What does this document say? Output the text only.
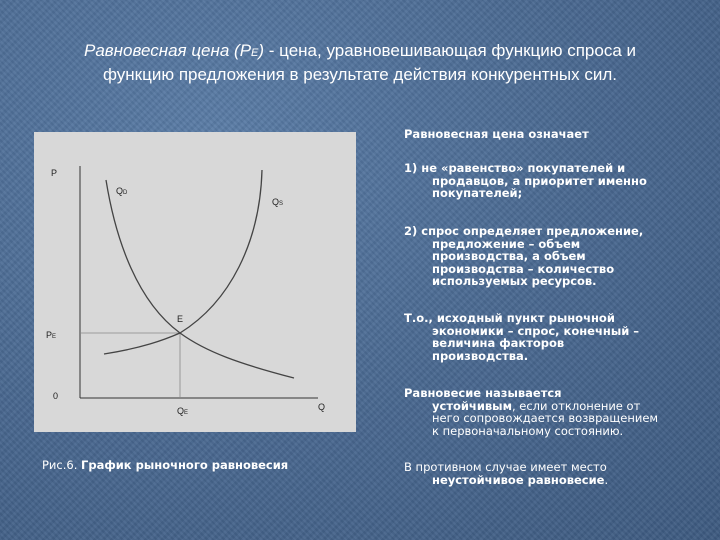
Равновесная цена (РЕ) - цена, уравновешивающая функцию спроса и
функцию предложения в результате действия конкурентных сил.
P
Q
0
QD
QS
E
PE
QE
Рис.6. График рыночного равновесия
Равновесная цена означает
1) не «равенство» покупателей и
продавцов, а приоритет именно
покупателей;
2) спрос определяет предложение,
предложение – объем
производства, а объем
производства – количество
используемых ресурсов.
Т.о., исходный пункт рыночной
экономики – спрос, конечный –
величина факторов
производства.
Равновесие называется
устойчивым, если отклонение от
него сопровождается возвращением
к первоначальному состоянию.
В противном случае имеет место
неустойчивое равновесие.
